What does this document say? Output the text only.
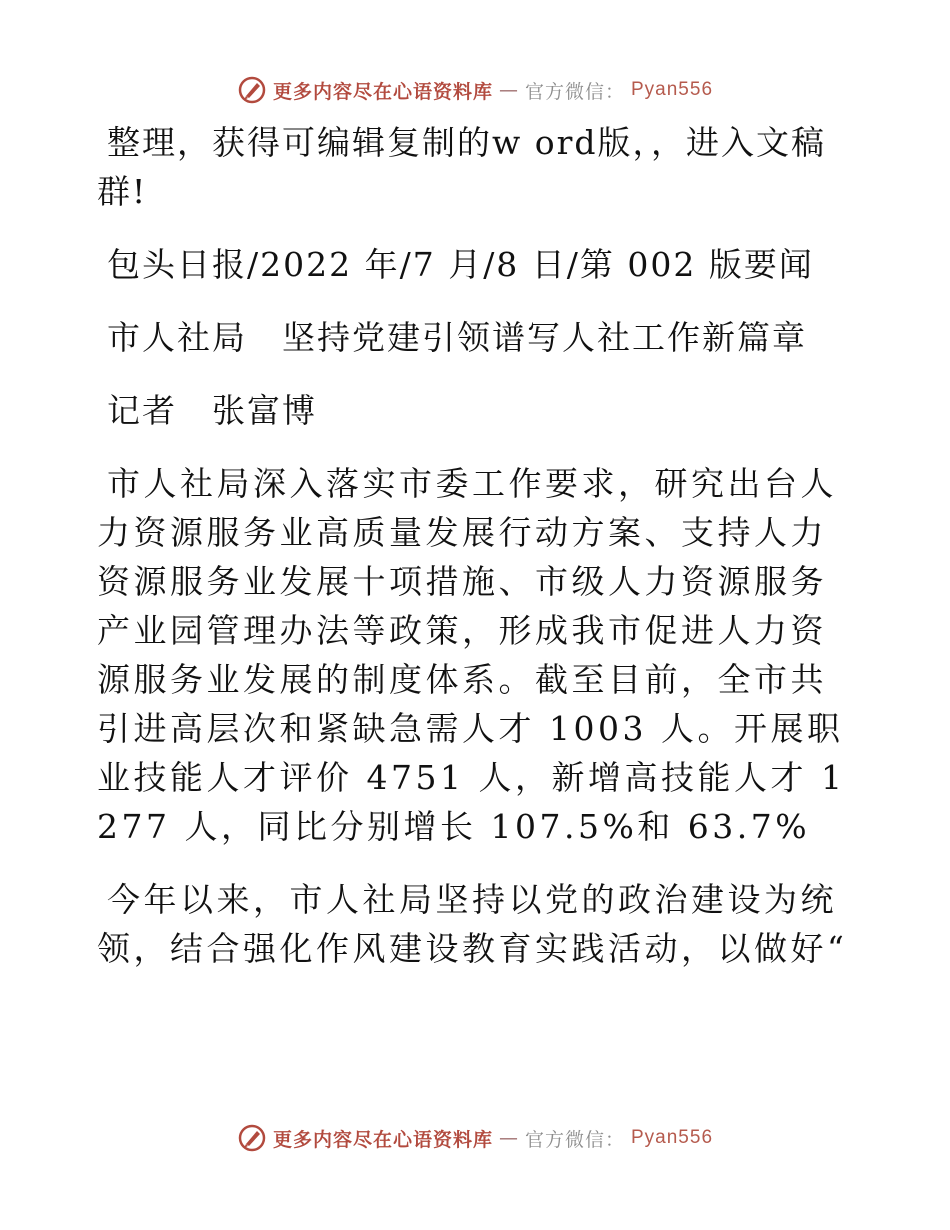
更多内容尽在心语资料库 — 官方微信： Pyan556

整理，获得可编辑复制的w ord版，，进入文稿群!

包头日报/2022 年/7 月/8 日/第 002 版要闻

市人社局　坚持党建引领谱写人社工作新篇章

记者　张富博

市人社局深入落实市委工作要求，研究出台人力资源服务业高质量发展行动方案、支持人力资源服务业发展十项措施、市级人力资源服务产业园管理办法等政策，形成我市促进人力资源服务业发展的制度体系。截至目前，全市共引进高层次和紧缺急需人才 1003 人。开展职业技能人才评价 4751 人，新增高技能人才 1277 人，同比分别增长 107.5%和 63.7%

今年以来，市人社局坚持以党的政治建设为统领，结合强化作风建设教育实践活动，以做好“

更多内容尽在心语资料库 — 官方微信： Pyan556
